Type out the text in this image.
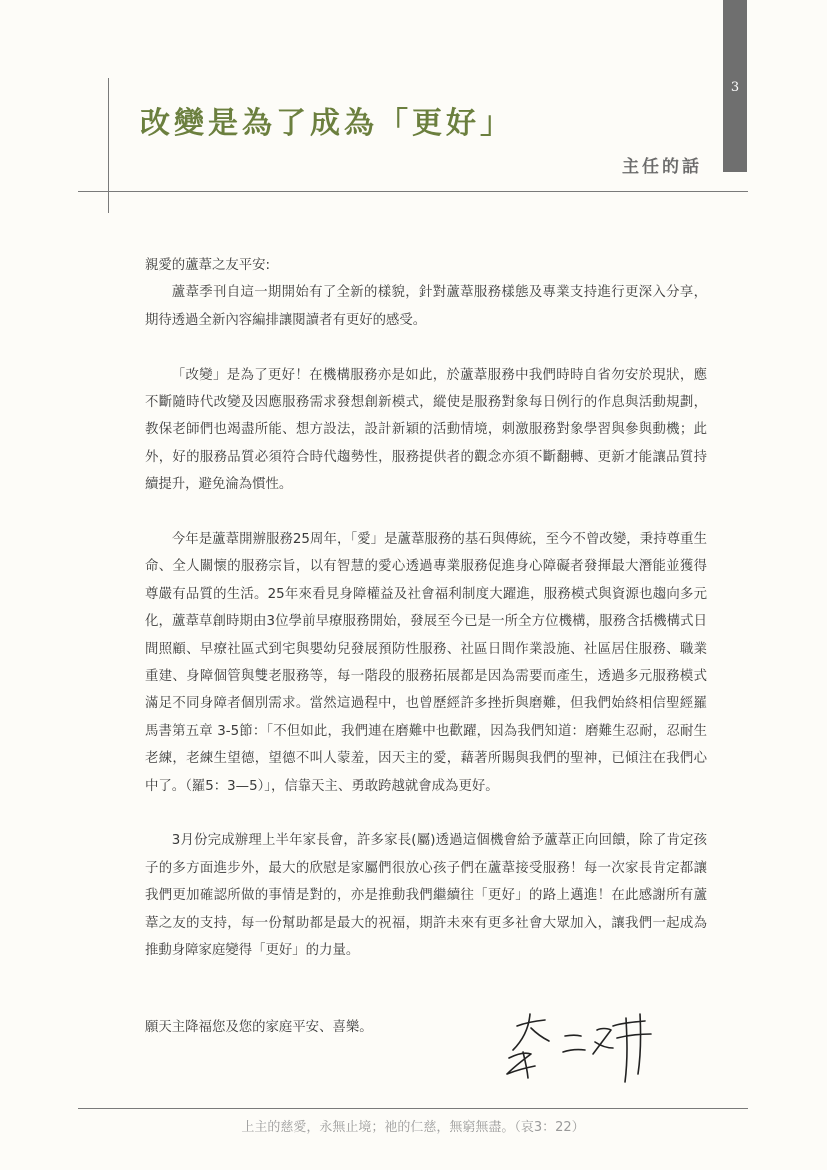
3
改變是為了成為「更好」
主任的話

親愛的蘆葦之友平安:

蘆葦季刊自這一期開始有了全新的樣貌，針對蘆葦服務樣態及專業支持進行更深入分享，期待透過全新內容編排讓閱讀者有更好的感受。

「改變」是為了更好！在機構服務亦是如此，於蘆葦服務中我們時時自省勿安於現狀，應不斷隨時代改變及因應服務需求發想創新模式，縱使是服務對象每日例行的作息與活動規劃，教保老師們也竭盡所能、想方設法，設計新穎的活動情境，刺激服務對象學習與參與動機；此外，好的服務品質必須符合時代趨勢性，服務提供者的觀念亦須不斷翻轉、更新才能讓品質持續提升，避免淪為慣性。

今年是蘆葦開辦服務25周年，「愛」是蘆葦服務的基石與傳統，至今不曾改變，秉持尊重生命、全人關懷的服務宗旨，以有智慧的愛心透過專業服務促進身心障礙者發揮最大潛能並獲得尊嚴有品質的生活。25年來看見身障權益及社會福利制度大躍進，服務模式與資源也趨向多元化，蘆葦草創時期由3位學前早療服務開始，發展至今已是一所全方位機構，服務含括機構式日間照顧、早療社區式到宅與嬰幼兒發展預防性服務、社區日間作業設施、社區居住服務、職業重建、身障個管與雙老服務等，每一階段的服務拓展都是因為需要而產生，透過多元服務模式滿足不同身障者個別需求。當然這過程中，也曾歷經許多挫折與磨難，但我們始終相信聖經羅馬書第五章 3-5節：「不但如此，我們連在磨難中也歡躍，因為我們知道：磨難生忍耐，忍耐生老練，老練生望德，望德不叫人蒙羞，因天主的愛，藉著所賜與我們的聖神，已傾注在我們心中了。（羅5：3—5）」，信靠天主、勇敢跨越就會成為更好。

3月份完成辦理上半年家長會，許多家長(屬)透過這個機會給予蘆葦正向回饋，除了肯定孩子的多方面進步外，最大的欣慰是家屬們很放心孩子們在蘆葦接受服務！每一次家長肯定都讓我們更加確認所做的事情是對的，亦是推動我們繼續往「更好」的路上邁進！在此感謝所有蘆葦之友的支持，每一份幫助都是最大的祝福，期許未來有更多社會大眾加入，讓我們一起成為推動身障家庭變得「更好」的力量。

願天主降福您及您的家庭平安、喜樂。
上主的慈愛，永無止境；祂的仁慈，無窮無盡。（哀3：22）
